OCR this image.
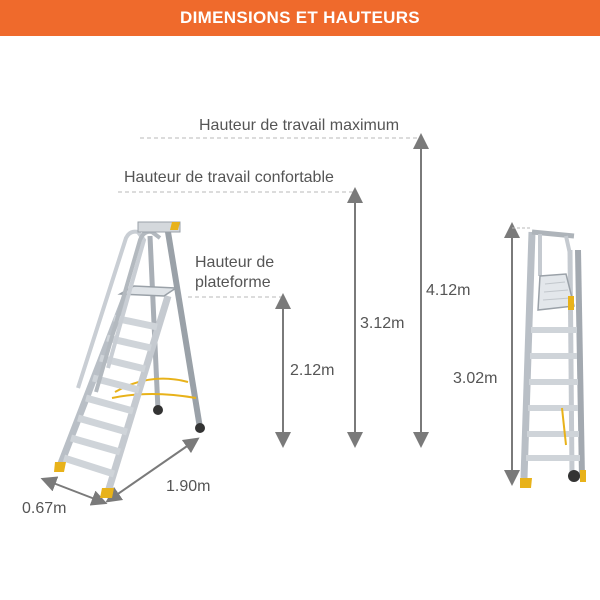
DIMENSIONS ET HAUTEURS
Hauteur de travail maximum
Hauteur de travail confortable
Hauteur de
plateforme
2.12m
3.12m
4.12m
3.02m
1.90m
0.67m
